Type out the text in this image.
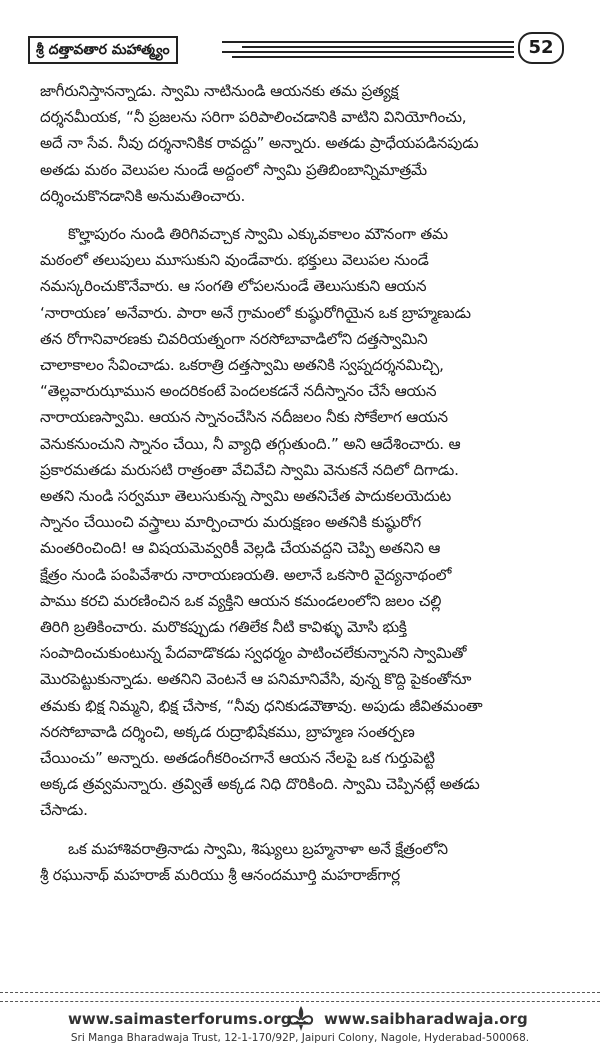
శ్రీ దత్తావతార మహాత్మ్యం	52

జాగీరునిస్తానన్నాడు. స్వామి నాటినుండి ఆయనకు తమ ప్రత్యక్ష
దర్శనమీయక, “నీ ప్రజలను సరిగా పరిపాలించడానికి వాటిని వినియోగించు,
అదే నా సేవ. నీవు దర్శనానికిక రావద్దు” అన్నారు. అతడు ప్రాధేయపడినపుడు
అతడు మఠం వెలుపల నుండే అద్దంలో స్వామి ప్రతిబింబాన్నిమాత్రమే
దర్శించుకొనడానికి అనుమతించారు.

కొల్హాపురం నుండి తిరిగివచ్చాక స్వామి ఎక్కువకాలం మౌనంగా తమ
మఠంలో తలుపులు మూసుకుని వుండేవారు. భక్తులు వెలుపల నుండే
నమస్కరించుకొనేవారు. ఆ సంగతి లోపలనుండే తెలుసుకుని ఆయన
‘నారాయణ’ అనేవారు. పారా అనే గ్రామంలో కుష్ఠురోగియైన ఒక బ్రాహ్మణుడు
తన రోగానివారణకు చివరియత్నంగా నరసోబావాడిలోని దత్తస్వామిని
చాలాకాలం సేవించాడు. ఒకరాత్రి దత్తస్వామి అతనికి స్వప్నదర్శనమిచ్చి,
“తెల్లవారుఝామున అందరికంటే పెందలకడనే నదీస్నానం చేసే ఆయన
నారాయణస్వామి. ఆయన స్నానంచేసిన నదీజలం నీకు సోకేలాగ ఆయన
వెనుకనుంచుని స్నానం చేయి, నీ వ్యాధి తగ్గుతుంది.” అని ఆదేశించారు. ఆ
ప్రకారమతడు మరుసటి రాత్రంతా వేచివేచి స్వామి వెనుకనే నదిలో దిగాడు.
అతని నుండి సర్వమూ తెలుసుకున్న స్వామి అతనిచేత పాదుకలయెదుట
స్నానం చేయించి వస్త్రాలు మార్పించారు మరుక్షణం అతనికి కుష్ఠురోగ
మంతరించింది! ఆ విషయమెవ్వరికీ వెల్లడి చేయవద్దని చెప్పి అతనిని ఆ
క్షేత్రం నుండి పంపివేశారు నారాయణయతి. అలానే ఒకసారి వైద్యనాథంలో
పాము కరచి మరణించిన ఒక వ్యక్తిని ఆయన కమండలంలోని జలం చల్లి
తిరిగి బ్రతికించారు. మరొకప్పుడు గతిలేక నీటి కావిళ్ళు మోసి భుక్తి
సంపాదించుకుంటున్న పేదవాడొకడు స్వధర్మం పాటించలేకున్నానని స్వామితో
మొరపెట్టుకున్నాడు. అతనిని వెంటనే ఆ పనిమానివేసి, వున్న కొద్ది పైకంతోనూ
తమకు భిక్ష నిమ్మని, భిక్ష చేసాక, “నీవు ధనికుడవౌతావు. అపుడు జీవితమంతా
నరసోబావాడి దర్శించి, అక్కడ రుద్రాభిషేకము, బ్రాహ్మణ సంతర్పణ
చేయించు” అన్నారు. అతడంగీకరించగానే ఆయన నేలపై ఒక గుర్తుపెట్టి
అక్కడ త్రవ్వమన్నారు. త్రవ్వితే అక్కడ నిధి దొరికింది. స్వామి చెప్పినట్లే అతడు
చేసాడు.

ఒక మహాశివరాత్రినాడు స్వామి, శిష్యులు బ్రహ్మనాళా అనే క్షేత్రంలోని
శ్రీ రఘునాథ్ మహరాజ్ మరియు శ్రీ ఆనందమూర్తి మహరాజ్‌గార్ల

www.saimasterforums.org www.saibharadwaja.org
Sri Manga Bharadwaja Trust, 12-1-170/92P, Jaipuri Colony, Nagole, Hyderabad-500068.
